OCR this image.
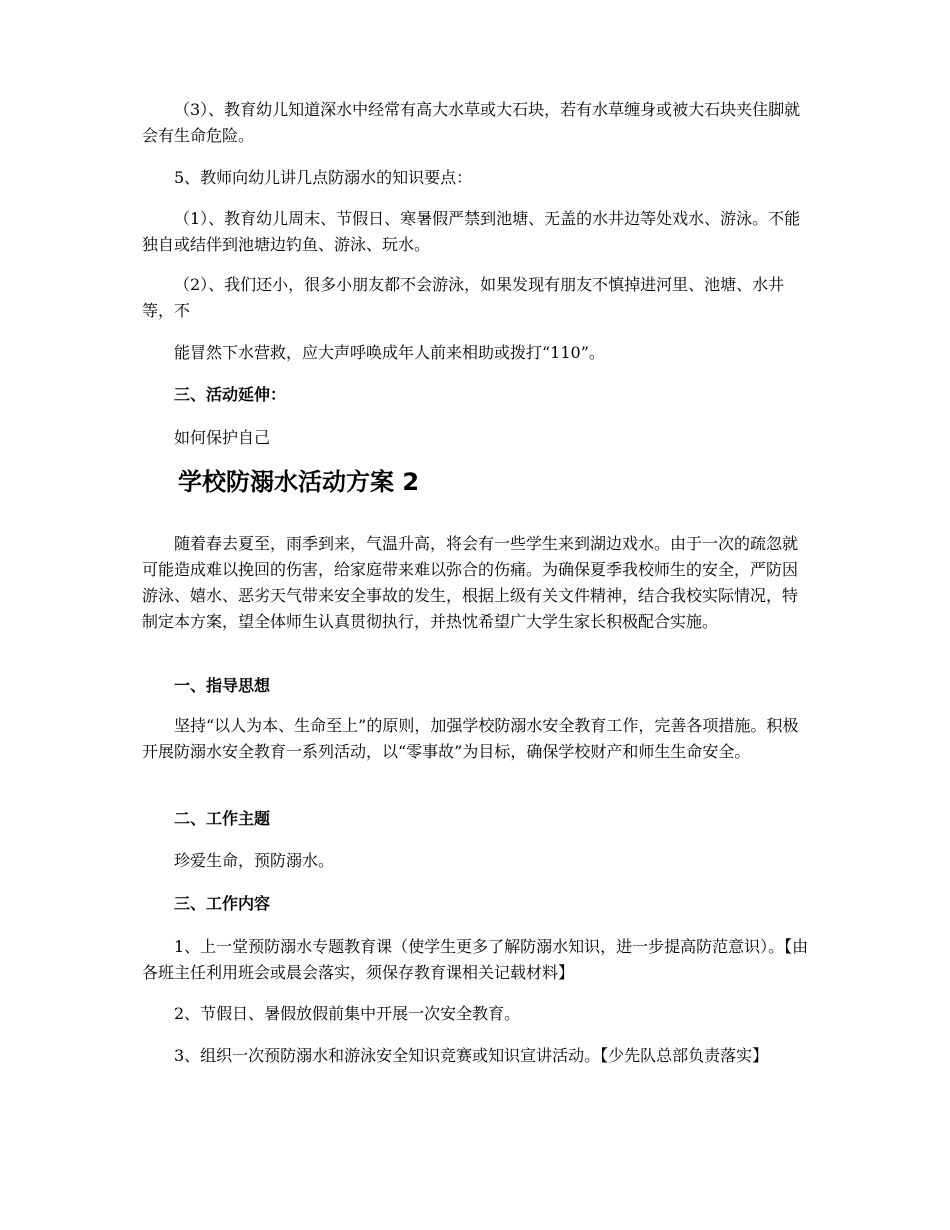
（3）、教育幼儿知道深水中经常有高大水草或大石块，若有水草缠身或被大石块夹住脚就会有生命危险。

5、教师向幼儿讲几点防溺水的知识要点：

（1）、教育幼儿周末、节假日、寒暑假严禁到池塘、无盖的水井边等处戏水、游泳。不能独自或结伴到池塘边钓鱼、游泳、玩水。

（2）、我们还小，很多小朋友都不会游泳，如果发现有朋友不慎掉进河里、池塘、水井等，不

能冒然下水营救，应大声呼唤成年人前来相助或拨打“110”。

三、活动延伸：

如何保护自己

学校防溺水活动方案 2

随着春去夏至，雨季到来，气温升高，将会有一些学生来到湖边戏水。由于一次的疏忽就可能造成难以挽回的伤害，给家庭带来难以弥合的伤痛。为确保夏季我校师生的安全，严防因游泳、嬉水、恶劣天气带来安全事故的发生，根据上级有关文件精神，结合我校实际情况，特制定本方案，望全体师生认真贯彻执行，并热忱希望广大学生家长积极配合实施。

一、指导思想

坚持“以人为本、生命至上”的原则，加强学校防溺水安全教育工作，完善各项措施。积极开展防溺水安全教育一系列活动，以“零事故”为目标，确保学校财产和师生生命安全。

二、工作主题

珍爱生命，预防溺水。

三、工作内容

1、上一堂预防溺水专题教育课（使学生更多了解防溺水知识，进一步提高防范意识）。【由各班主任利用班会或晨会落实，须保存教育课相关记载材料】

2、节假日、暑假放假前集中开展一次安全教育。

3、组织一次预防溺水和游泳安全知识竞赛或知识宣讲活动。【少先队总部负责落实】
